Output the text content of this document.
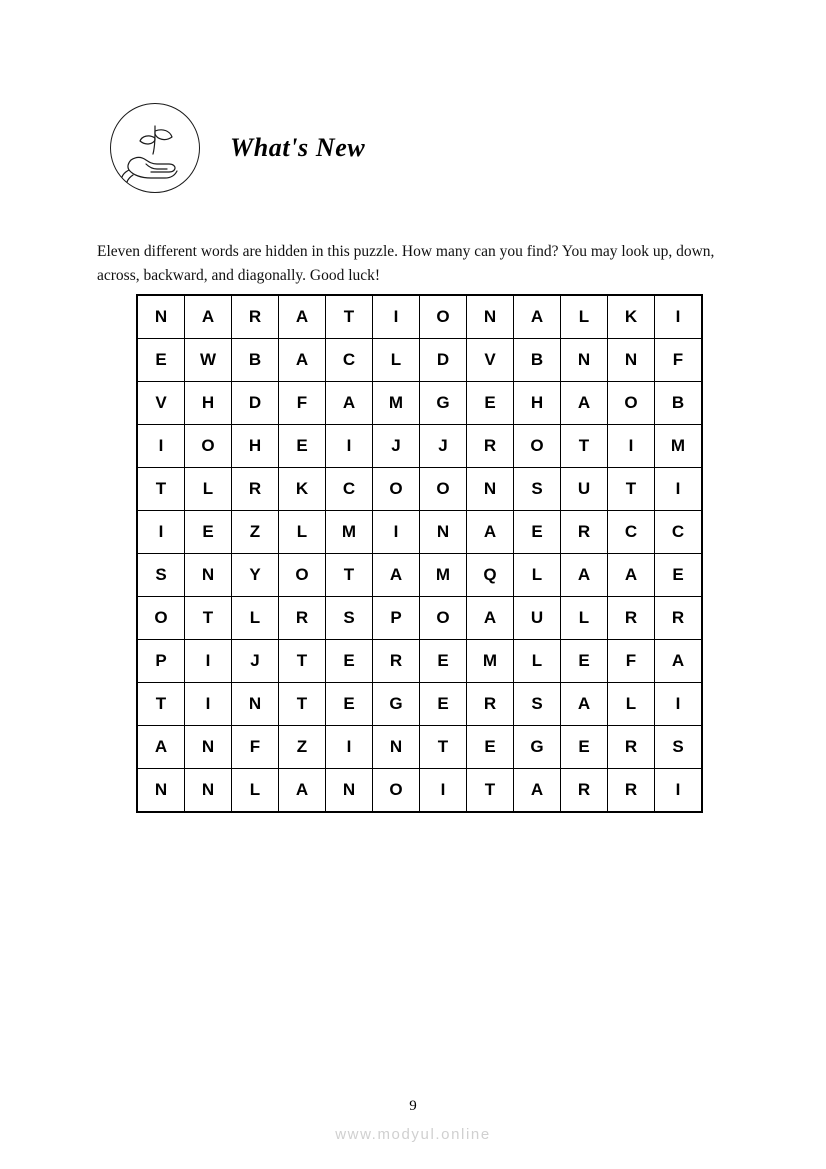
What's New

Eleven different words are hidden in this puzzle. How many can you find? You may look up, down, across, backward, and diagonally. Good luck!

N	A	R	A	T	I	O	N	A	L	K	I
E	W	B	A	C	L	D	V	B	N	N	F
V	H	D	F	A	M	G	E	H	A	O	B
I	O	H	E	I	J	J	R	O	T	I	M
T	L	R	K	C	O	O	N	S	U	T	I
I	E	Z	L	M	I	N	A	E	R	C	C
S	N	Y	O	T	A	M	Q	L	A	A	E
O	T	L	R	S	P	O	A	U	L	R	R
P	I	J	T	E	R	E	M	L	E	F	A
T	I	N	T	E	G	E	R	S	A	L	I
A	N	F	Z	I	N	T	E	G	E	R	S
N	N	L	A	N	O	I	T	A	R	R	I
9
www.modyul.online
